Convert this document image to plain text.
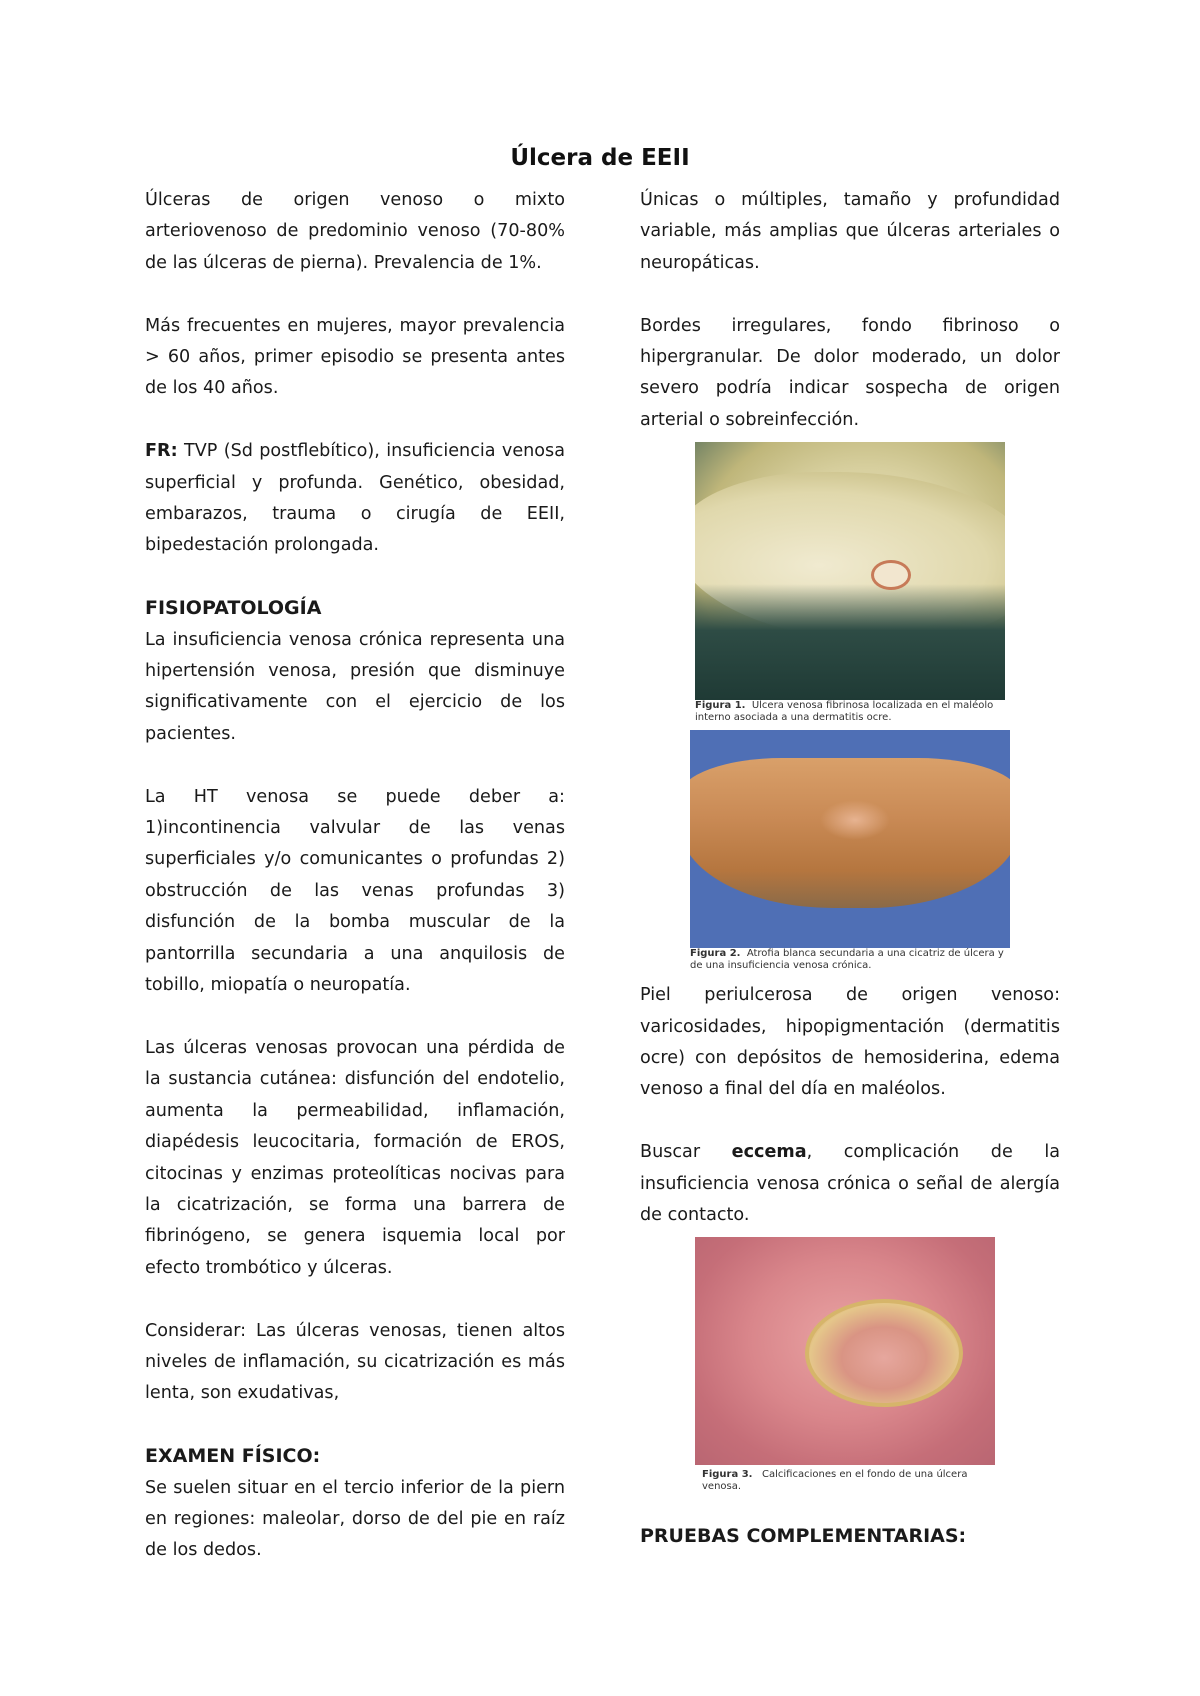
Úlcera de EEII

Úlceras de origen venoso o mixto arteriovenoso de predominio venoso (70-80% de las úlceras de pierna). Prevalencia de 1%.

Más frecuentes en mujeres, mayor prevalencia > 60 años, primer episodio se presenta antes de los 40 años.

FR: TVP (Sd postflebítico), insuficiencia venosa superficial y profunda. Genético, obesidad, embarazos, trauma o cirugía de EEII, bipedestación prolongada.

FISIOPATOLOGÍA

La insuficiencia venosa crónica representa una hipertensión venosa, presión que disminuye significativamente con el ejercicio de los pacientes.

La HT venosa se puede deber a: 1)incontinencia valvular de las venas superficiales y/o comunicantes o profundas 2) obstrucción de las venas profundas 3) disfunción de la bomba muscular de la pantorrilla secundaria a una anquilosis de tobillo, miopatía o neuropatía.

Las úlceras venosas provocan una pérdida de la sustancia cutánea: disfunción del endotelio, aumenta la permeabilidad, inflamación, diapédesis leucocitaria, formación de EROS, citocinas y enzimas proteolíticas nocivas para la cicatrización, se forma una barrera de fibrinógeno, se genera isquemia local por efecto trombótico y úlceras.

Considerar: Las úlceras venosas, tienen altos niveles de inflamación, su cicatrización es más lenta, son exudativas,

EXAMEN FÍSICO:

Se suelen situar en el tercio inferior de la piern en regiones: maleolar, dorso de del pie en raíz de los dedos.

Únicas o múltiples, tamaño y profundidad variable, más amplias que úlceras arteriales o neuropáticas.

Bordes irregulares, fondo fibrinoso o hipergranular. De dolor moderado, un dolor severo podría indicar sospecha de origen arterial o sobreinfección.

Figura 1. Úlcera venosa fibrinosa localizada en el maléolo interno asociada a una dermatitis ocre.
Figura 2. Atrofia blanca secundaria a una cicatriz de úlcera y de una insuficiencia venosa crónica.

Piel periulcerosa de origen venoso: varicosidades, hipopigmentación (dermatitis ocre) con depósitos de hemosiderina, edema venoso a final del día en maléolos.

Buscar eccema, complicación de la insuficiencia venosa crónica o señal de alergía de contacto.

Figura 3. Calcificaciones en el fondo de una úlcera venosa.
PRUEBAS COMPLEMENTARIAS:
